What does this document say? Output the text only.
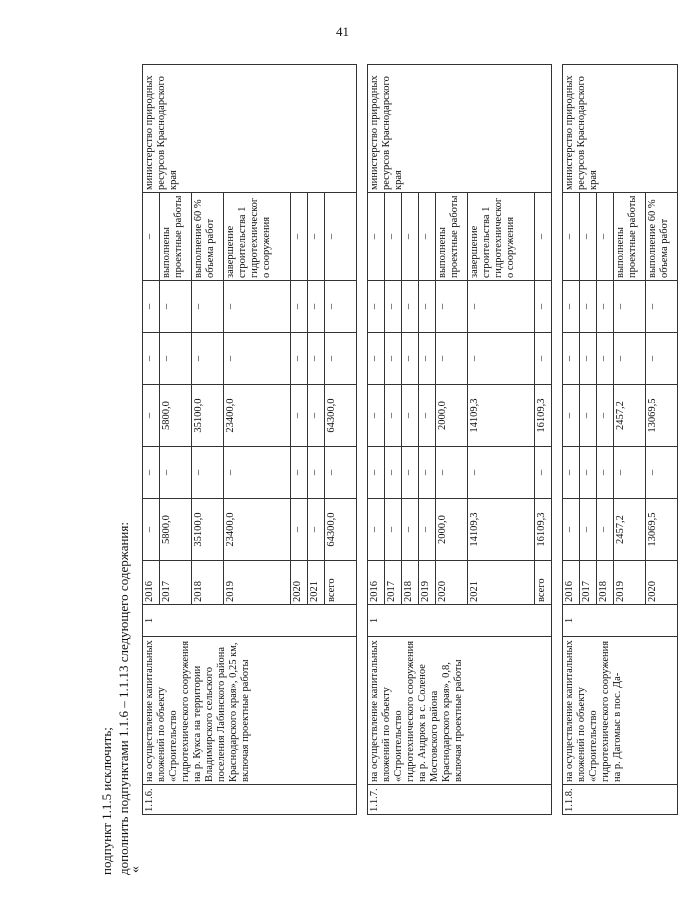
41
подпункт 1.1.5 исключить; дополнить подпунктами 1.1.6 – 1.1.13 следующего содержания:
«
1.1.6.	на осуществление капитальных вложений по объекту «Строительство гидротехнического сооружения на р. Кукса на территории Владимирского сельского поселения Лабинского района Краснодарского края», 0,25 км, включая проектные работы	1	2016	–	–	–	–	–	–	министерство природных ресурсов Краснодарского края
			2017	5800,0	–	5800,0	–	–	выполнены проектные работы	
			2018	35100,0	–	35100,0	–	–	выполнение 60 % объема работ	
			2019	23400,0	–	23400,0	–	–	завершение строительства 1 гидротехнического сооружения	
			2020	–	–	–	–	–	–	
			2021	–	–	–	–	–	–	
			всего	64300,0	–	64300,0	–	–	–	

1.1.7.	на осуществление капитальных вложений по объекту «Строительство гидротехнического сооружения на р. Андрюк в с. Соленое Мостовского района Краснодарского края», 0,8, включая проектные работы	1	2016	–	–	–	–	–	–	министерство природных ресурсов Краснодарского края
			2017	–	–	–	–	–	–	
			2018	–	–	–	–	–	–	
			2019	–	–	–	–	–	–	
			2020	2000,0	–	2000,0	–	–	выполнены проектные работы	
			2021	14109,3	–	14109,3	–	–	завершение строительства 1 гидротехнического сооружения	
			всего	16109,3	–	16109,3	–	–	–	

1.1.8.	на осуществление капитальных вложений по объекту «Строительство гидротехнического сооружения на р. Дагомыс в пос. Да-	1	2016	–	–	–	–	–	–	министерство природных ресурсов Краснодарского края
			2017	–	–	–	–	–	–	
			2018	–	–	–	–	–	–	
			2019	2457,2	–	2457,2	–	–	выполнены проектные работы	
			2020	13069,5	–	13069,5	–	–	выполнение 60 % объема работ	
